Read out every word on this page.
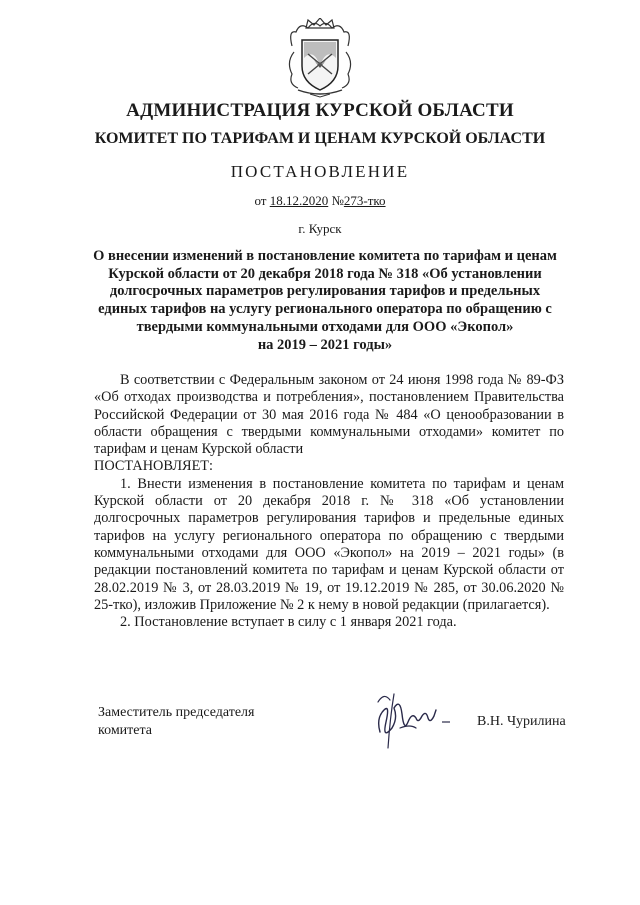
АДМИНИСТРАЦИЯ КУРСКОЙ ОБЛАСТИ
КОМИТЕТ ПО ТАРИФАМ И ЦЕНАМ КУРСКОЙ ОБЛАСТИ
ПОСТАНОВЛЕНИЕ
от 18.12.2020 №273-тко
г. Курск
О внесении изменений в постановление комитета по тарифам и ценам
Курской области от 20 декабря 2018 года № 318 «Об установлении
долгосрочных параметров регулирования тарифов и предельных
единых тарифов на услугу регионального оператора по обращению с
твердыми коммунальными отходами для ООО «Экопол»
на 2019 – 2021 годы»

В соответствии с Федеральным законом от 24 июня 1998 года № 89-ФЗ «Об отходах производства и потребления», постановлением Правительства Российской Федерации от 30 мая 2016 года № 484 «О ценообразовании в области обращения с твердыми коммунальными отходами» комитет по тарифам и ценам Курской области

ПОСТАНОВЛЯЕТ:

1. Внести изменения в постановление комитета по тарифам и ценам Курской области от 20 декабря 2018 г. № 318 «Об установлении долгосрочных параметров регулирования тарифов и предельные единых тарифов на услугу регионального оператора по обращению с твердыми коммунальными отходами для ООО «Экопол» на 2019 – 2021 годы» (в редакции постановлений комитета по тарифам и ценам Курской области от 28.02.2019 № 3, от 28.03.2019 № 19, от 19.12.2019 № 285, от 30.06.2020 № 25-тко), изложив Приложение № 2 к нему в новой редакции (прилагается).

2. Постановление вступает в силу с 1 января 2021 года.

Заместитель председателя
комитета
В.Н. Чурилина
